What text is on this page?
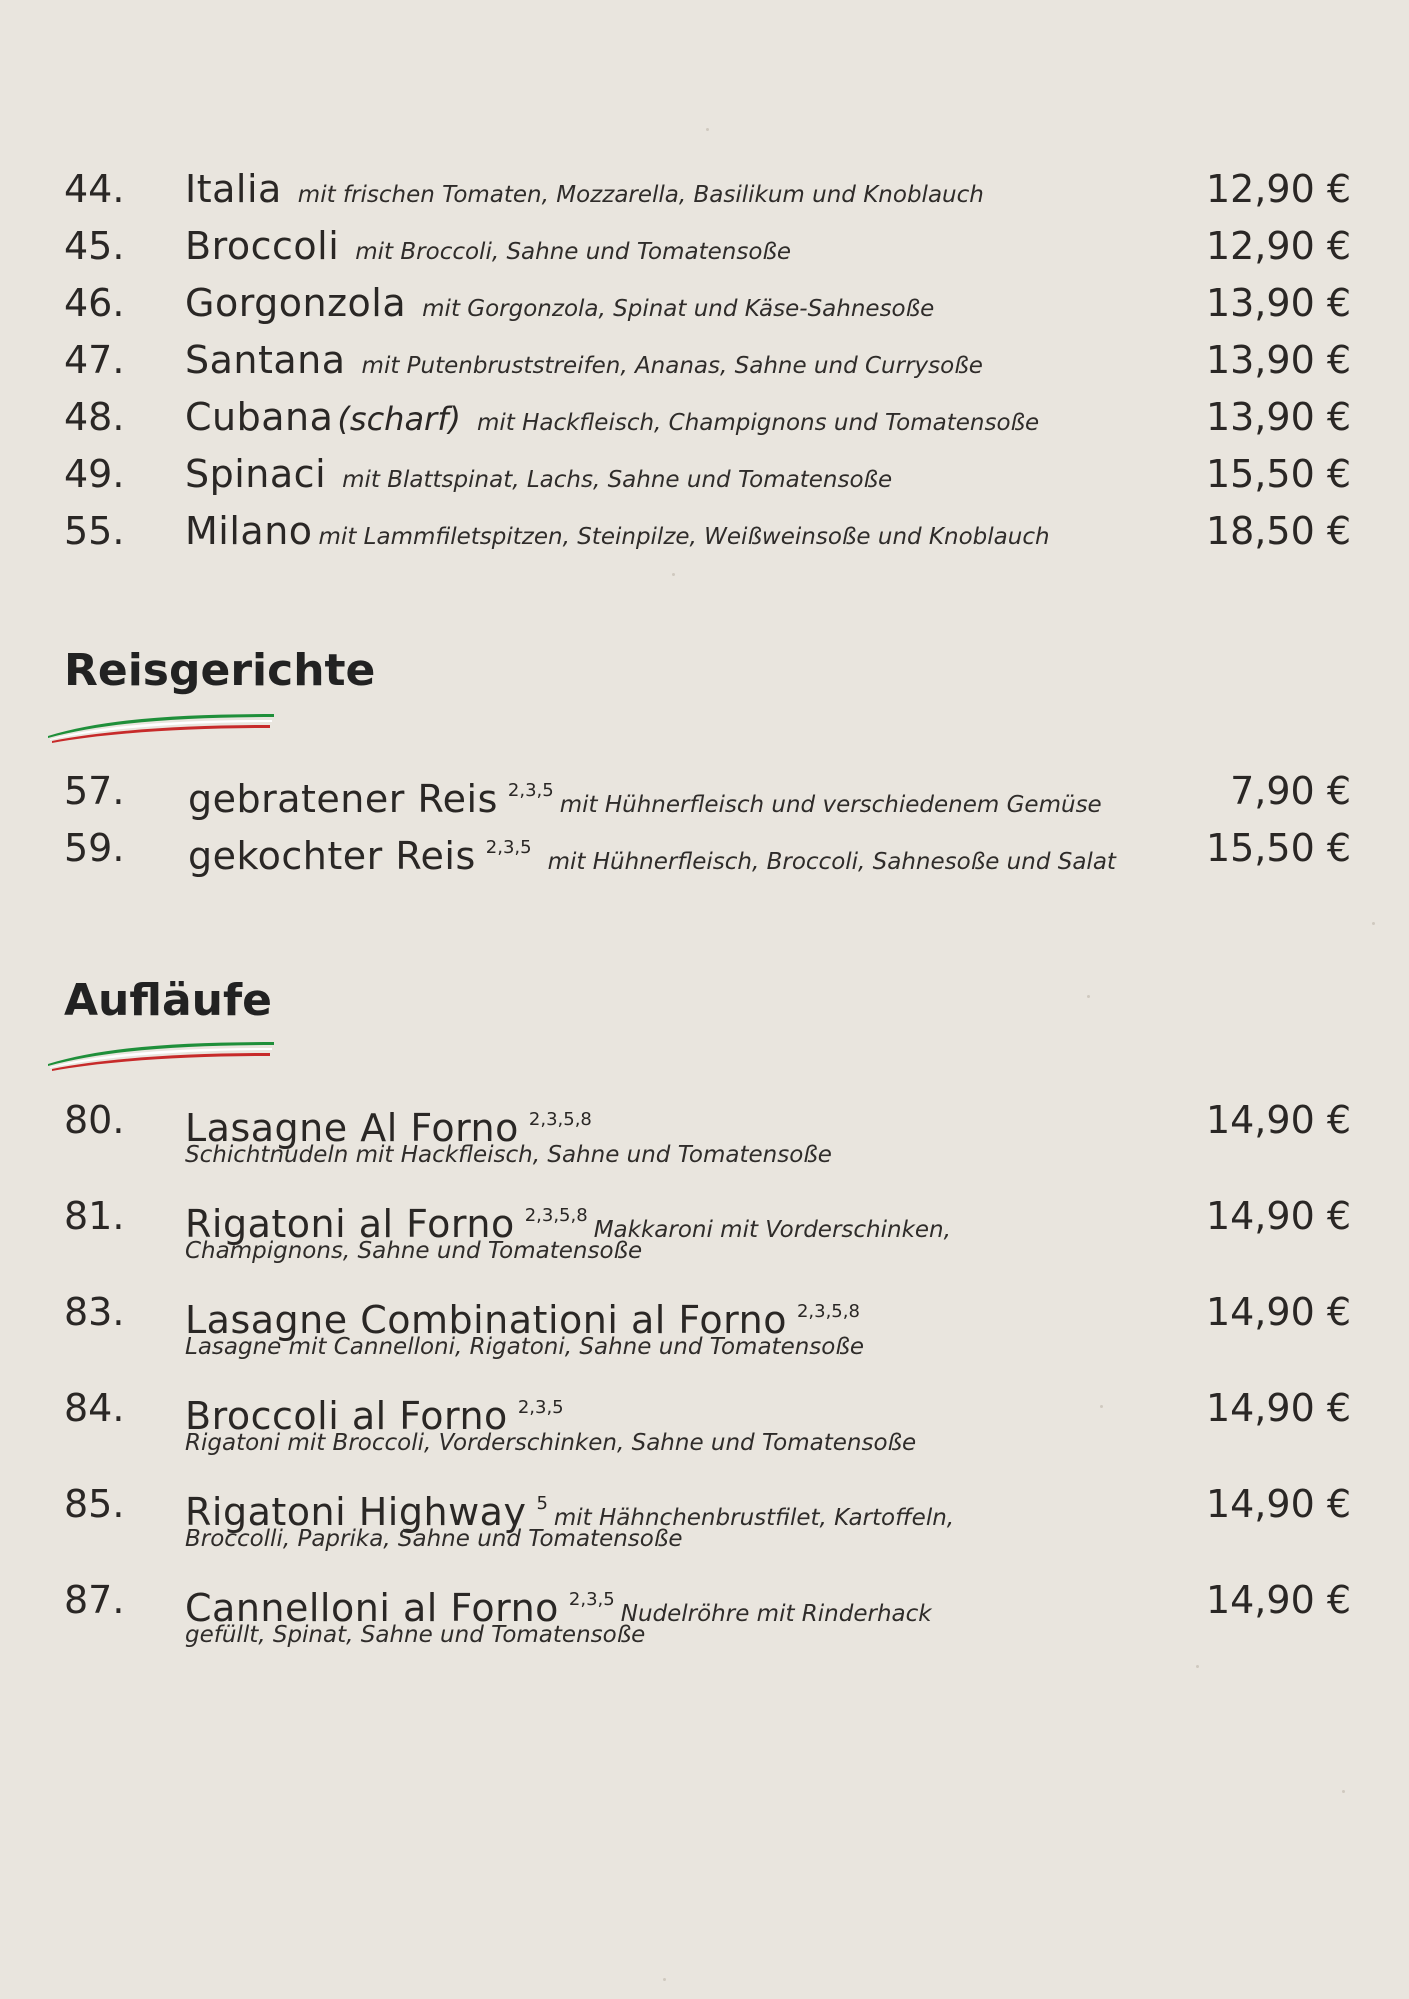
44. Italia mit frischen Tomaten, Mozzarella, Basilikum und Knoblauch	12,90 €
45. Broccoli mit Broccoli, Sahne und Tomatensoße	12,90 €
46. Gorgonzola mit Gorgonzola, Spinat und Käse-Sahnesoße	13,90 €
47. Santana mit Putenbruststreifen, Ananas, Sahne und Currysoße	13,90 €
48. Cubana (scharf) mit Hackfleisch, Champignons und Tomatensoße	13,90 €
49. Spinaci mit Blattspinat, Lachs, Sahne und Tomatensoße	15,50 €
55. Milano mit Lammfiletspitzen, Steinpilze, Weißweinsoße und Knoblauch	18,50 €
Reisgerichte
57. gebratener Reis 2,3,5mit Hühnerfleisch und verschiedenem Gemüse	7,90 €
59. gekochter Reis 2,3,5mit Hühnerfleisch, Broccoli, Sahnesoße und Salat 15,50 €
Aufläufe
80. Lasagne Al Forno 2,3,5,8
Schichtnudeln mit Hackfleisch, Sahne und Tomatensoße
14,90 €
81. Rigatoni al Forno 2,3,5,8Makkaroni mit Vorderschinken,
Champignons, Sahne und Tomatensoße
14,90 €
83. Lasagne Combinationi al Forno 2,3,5,8
Lasagne mit Cannelloni, Rigatoni, Sahne und Tomatensoße
14,90 €
84. Broccoli al Forno 2,3,5
Rigatoni mit Broccoli, Vorderschinken, Sahne und Tomatensoße
14,90 €
85. Rigatoni Highway 5mit Hähnchenbrustfilet, Kartoffeln,
Broccolli, Paprika, Sahne und Tomatensoße
14,90 €
87. Cannelloni al Forno 2,3,5Nudelröhre mit Rinderhack
gefüllt, Spinat, Sahne und Tomatensoße
14,90 €
